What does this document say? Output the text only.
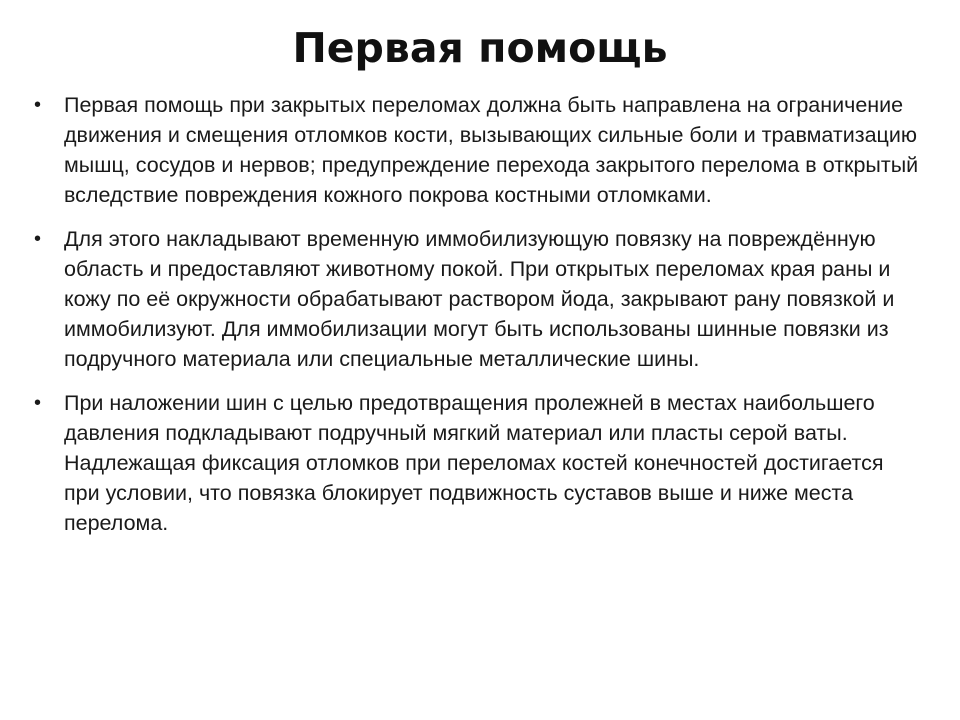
Первая помощь
• Первая помощь при закрытых переломах должна быть направлена на ограничение движения и смещения отломков кости, вызывающих сильные боли и травматизацию мышц, сосудов и нервов; предупреждение перехода закрытого перелома в открытый вследствие повреждения кожного покрова костными отломками.
• Для этого накладывают временную иммобилизующую повязку на повреждённую область и предоставляют животному покой. При открытых переломах края раны и кожу по её окружности обрабатывают раствором йода, закрывают рану повязкой и иммобилизуют. Для иммобилизации могут быть использованы шинные повязки из подручного материала или специальные металлические шины.
• При наложении шин с целью предотвращения пролежней в местах наибольшего давления подкладывают подручный мягкий материал или пласты серой ваты. Надлежащая фиксация отломков при переломах костей конечностей достигается при условии, что повязка блокирует подвижность суставов выше и ниже места перелома.
